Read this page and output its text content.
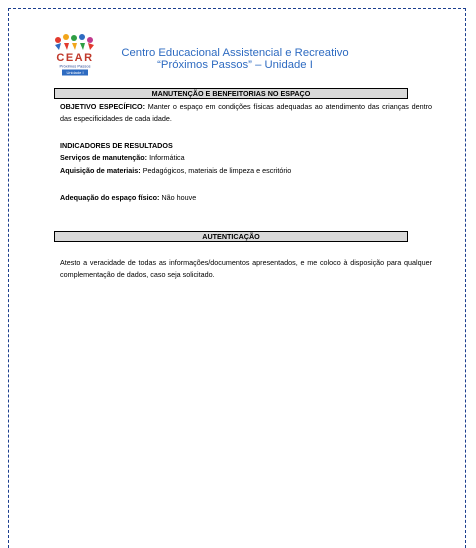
CEAR
Próximos Passos
Unidade I
Centro Educacional Assistencial e Recreativo
“Próximos Passos” – Unidade I
MANUTENÇÃO E BENFEITORIAS NO ESPAÇO
OBJETIVO ESPECÍFICO: Manter o espaço em condições físicas adequadas ao atendimento das crianças dentro das especificidades de cada idade.
INDICADORES DE RESULTADOS
Serviços de manutenção: Informática
Aquisição de materiais: Pedagógicos, materiais de limpeza e escritório
Adequação do espaço físico: Não houve
AUTENTICAÇÃO
Atesto a veracidade de todas as informações/documentos apresentados, e me coloco à disposição para qualquer complementação de dados, caso seja solicitado.
